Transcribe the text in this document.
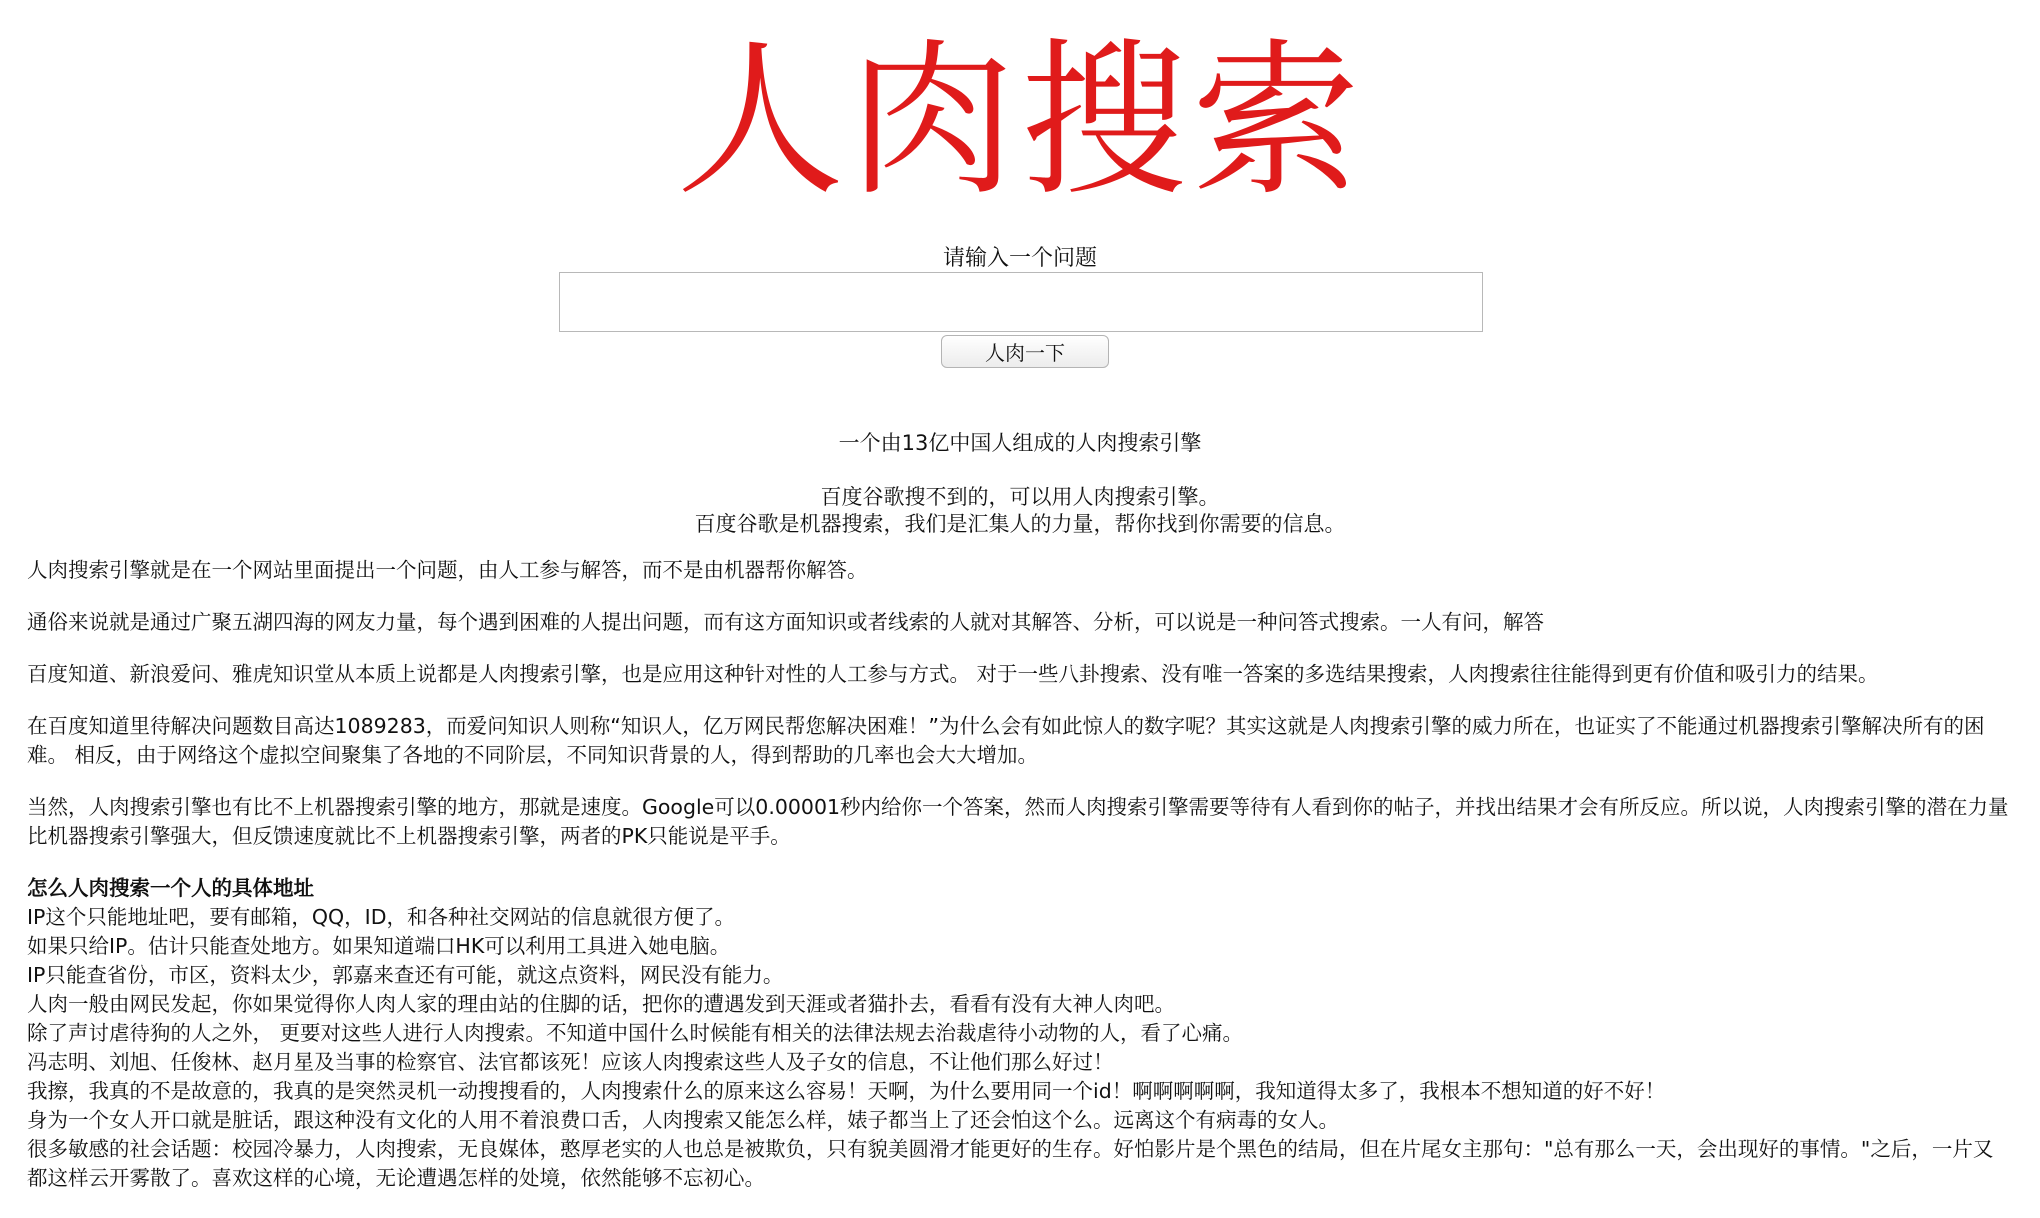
人肉搜索
请输入一个问题
人肉一下
一个由13亿中国人组成的人肉搜索引擎
百度谷歌搜不到的，可以用人肉搜索引擎。
百度谷歌是机器搜索，我们是汇集人的力量，帮你找到你需要的信息。

人肉搜索引擎就是在一个网站里面提出一个问题，由人工参与解答，而不是由机器帮你解答。

通俗来说就是通过广聚五湖四海的网友力量，每个遇到困难的人提出问题，而有这方面知识或者线索的人就对其解答、分析，可以说是一种问答式搜索。一人有问，解答

百度知道、新浪爱问、雅虎知识堂从本质上说都是人肉搜索引擎，也是应用这种针对性的人工参与方式。 对于一些八卦搜索、没有唯一答案的多选结果搜索，人肉搜索往往能得到更有价值和吸引力的结果。

在百度知道里待解决问题数目高达1089283，而爱问知识人则称“知识人，亿万网民帮您解决困难！”为什么会有如此惊人的数字呢？其实这就是人肉搜索引擎的威力所在，也证实了不能通过机器搜索引擎解决所有的困难。 相反，由于网络这个虚拟空间聚集了各地的不同阶层，不同知识背景的人，得到帮助的几率也会大大增加。

当然，人肉搜索引擎也有比不上机器搜索引擎的地方，那就是速度。Google可以0.00001秒内给你一个答案，然而人肉搜索引擎需要等待有人看到你的帖子，并找出结果才会有所反应。所以说，人肉搜索引擎的潜在力量比机器搜索引擎强大，但反馈速度就比不上机器搜索引擎，两者的PK只能说是平手。

怎么人肉搜索一个人的具体地址
IP这个只能地址吧，要有邮箱，QQ，ID，和各种社交网站的信息就很方便了。
如果只给IP。估计只能查处地方。如果知道端口HK可以利用工具进入她电脑。
IP只能查省份，市区，资料太少，郭嘉来查还有可能，就这点资料，网民没有能力。
人肉一般由网民发起，你如果觉得你人肉人家的理由站的住脚的话，把你的遭遇发到天涯或者猫扑去，看看有没有大神人肉吧。
除了声讨虐待狗的人之外， 更要对这些人进行人肉搜索。不知道中国什么时候能有相关的法律法规去治裁虐待小动物的人，看了心痛。
冯志明、刘旭、任俊林、赵月星及当事的检察官、法官都该死！应该人肉搜索这些人及子女的信息，不让他们那么好过！
我擦，我真的不是故意的，我真的是突然灵机一动搜搜看的，人肉搜索什么的原来这么容易！天啊，为什么要用同一个id！啊啊啊啊啊，我知道得太多了，我根本不想知道的好不好！
身为一个女人开口就是脏话，跟这种没有文化的人用不着浪费口舌，人肉搜索又能怎么样，婊子都当上了还会怕这个么。远离这个有病毒的女人。
很多敏感的社会话题：校园冷暴力，人肉搜索，无良媒体，憨厚老实的人也总是被欺负，只有貌美圆滑才能更好的生存。好怕影片是个黑色的结局，但在片尾女主那句："总有那么一天，会出现好的事情。"之后，一片又都这样云开雾散了。喜欢这样的心境，无论遭遇怎样的处境，依然能够不忘初心。
